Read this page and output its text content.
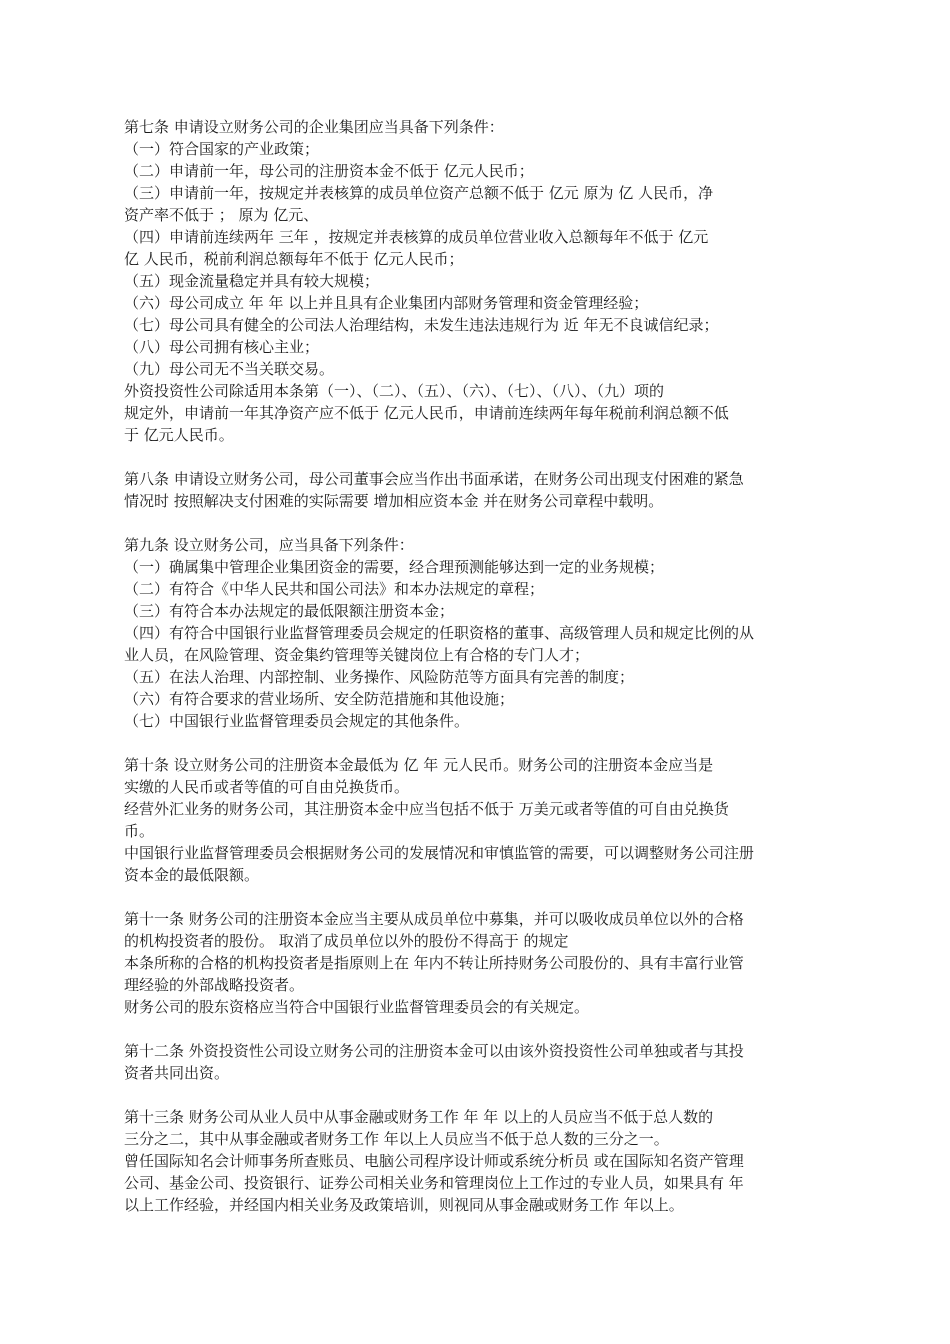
第七条 申请设立财务公司的企业集团应当具备下列条件：
（一）符合国家的产业政策；
（二）申请前一年，母公司的注册资本金不低于 亿元人民币；
（三）申请前一年，按规定并表核算的成员单位资产总额不低于 亿元 原为 亿 人民币，净
资产率不低于 ； 原为 亿元、
（四）申请前连续两年 三年 ，按规定并表核算的成员单位营业收入总额每年不低于 亿元
亿 人民币，税前利润总额每年不低于 亿元人民币；
（五）现金流量稳定并具有较大规模；
（六）母公司成立 年 年 以上并且具有企业集团内部财务管理和资金管理经验；
（七）母公司具有健全的公司法人治理结构，未发生违法违规行为 近 年无不良诚信纪录；
（八）母公司拥有核心主业；
（九）母公司无不当关联交易。
外资投资性公司除适用本条第（一）、（二）、（五）、（六）、（七）、（八）、（九）项的
规定外，申请前一年其净资产应不低于 亿元人民币，申请前连续两年每年税前利润总额不低
于 亿元人民币。
第八条 申请设立财务公司，母公司董事会应当作出书面承诺，在财务公司出现支付困难的紧急
情况时 按照解决支付困难的实际需要 增加相应资本金 并在财务公司章程中载明。
第九条 设立财务公司，应当具备下列条件：
（一）确属集中管理企业集团资金的需要，经合理预测能够达到一定的业务规模；
（二）有符合《中华人民共和国公司法》和本办法规定的章程；
（三）有符合本办法规定的最低限额注册资本金；
（四）有符合中国银行业监督管理委员会规定的任职资格的董事、高级管理人员和规定比例的从
业人员，在风险管理、资金集约管理等关键岗位上有合格的专门人才；
（五）在法人治理、内部控制、业务操作、风险防范等方面具有完善的制度；
（六）有符合要求的营业场所、安全防范措施和其他设施；
（七）中国银行业监督管理委员会规定的其他条件。
第十条 设立财务公司的注册资本金最低为 亿 年 元人民币。财务公司的注册资本金应当是
实缴的人民币或者等值的可自由兑换货币。
经营外汇业务的财务公司，其注册资本金中应当包括不低于 万美元或者等值的可自由兑换货
币。
中国银行业监督管理委员会根据财务公司的发展情况和审慎监管的需要，可以调整财务公司注册
资本金的最低限额。
第十一条 财务公司的注册资本金应当主要从成员单位中募集，并可以吸收成员单位以外的合格
的机构投资者的股份。 取消了成员单位以外的股份不得高于 的规定
本条所称的合格的机构投资者是指原则上在 年内不转让所持财务公司股份的、具有丰富行业管
理经验的外部战略投资者。
财务公司的股东资格应当符合中国银行业监督管理委员会的有关规定。
第十二条 外资投资性公司设立财务公司的注册资本金可以由该外资投资性公司单独或者与其投
资者共同出资。
第十三条 财务公司从业人员中从事金融或财务工作 年 年 以上的人员应当不低于总人数的
三分之二，其中从事金融或者财务工作 年以上人员应当不低于总人数的三分之一。
曾任国际知名会计师事务所查账员、电脑公司程序设计师或系统分析员 或在国际知名资产管理
公司、基金公司、投资银行、证券公司相关业务和管理岗位上工作过的专业人员，如果具有 年
以上工作经验，并经国内相关业务及政策培训，则视同从事金融或财务工作 年以上。
